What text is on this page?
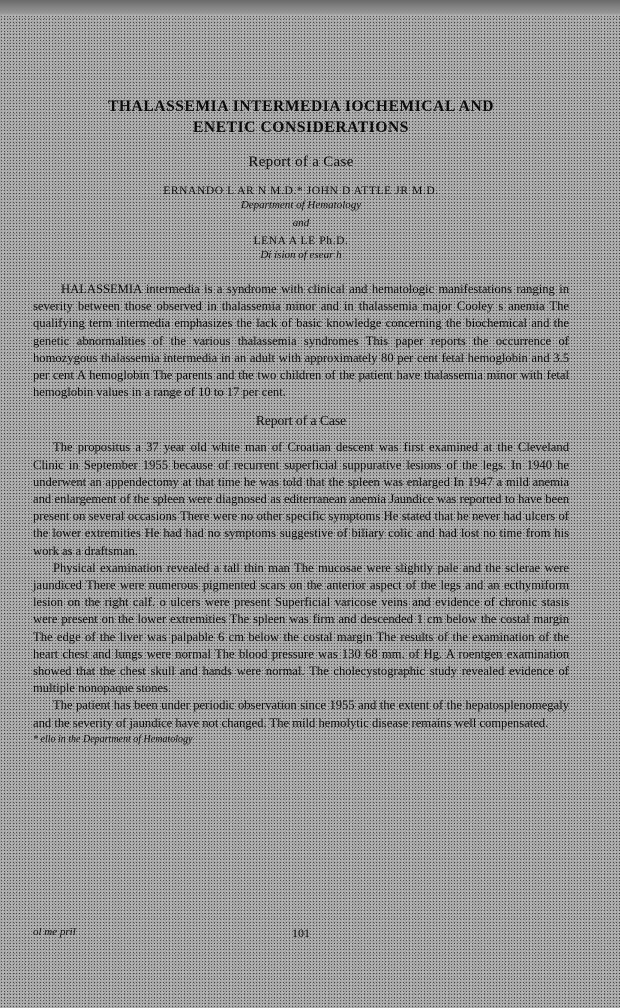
THALASSEMIA INTERMEDIA IOCHEMICAL AND
ENETIC CONSIDERATIONS
Report of a Case
ERNANDO L AR N M.D.* JOHN D ATTLE JR M.D.
Department of Hematology
and
LENA A LE Ph.D.
Di ision of esear h

HALASSEMIA intermedia is a syndrome with clinical and hematologic manifestations ranging in severity between those observed in thalassemia minor and in thalassemia major Cooley s anemia The qualifying term intermedia emphasizes the lack of basic knowledge concerning the biochemical and the genetic abnormalities of the various thalassemia syndromes This paper reports the occurrence of homozygous thalassemia intermedia in an adult with approximately 80 per cent fetal hemoglobin and 3.5 per cent A hemoglobin The parents and the two children of the patient have thalassemia minor with fetal hemoglobin values in a range of 10 to 17 per cent.

Report of a Case

The propositus a 37 year old white man of Croatian descent was first examined at the Cleveland Clinic in September 1955 because of recurrent superficial suppurative lesions of the legs. In 1940 he underwent an appendectomy at that time he was told that the spleen was enlarged In 1947 a mild anemia and enlargement of the spleen were diagnosed as editerranean anemia Jaundice was reported to have been present on several occasions There were no other specific symptoms He stated that he never had ulcers of the lower extremities He had had no symptoms suggestive of biliary colic and had lost no time from his work as a draftsman.

Physical examination revealed a tall thin man The mucosae were slightly pale and the sclerae were jaundiced There were numerous pigmented scars on the anterior aspect of the legs and an ecthymiform lesion on the right calf. o ulcers were present Superficial varicose veins and evidence of chronic stasis were present on the lower extremities The spleen was firm and descended 1 cm below the costal margin The edge of the liver was palpable 6 cm below the costal margin The results of the examination of the heart chest and lungs were normal The blood pressure was 130 68 mm. of Hg. A roentgen examination showed that the chest skull and hands were normal. The cholecystographic study revealed evidence of multiple nonopaque stones.

The patient has been under periodic observation since 1955 and the extent of the hepatosplenomegaly and the severity of jaundice have not changed. The mild hemolytic disease remains well compensated.

* ello in the Department of Hematology
ol me pril	101
